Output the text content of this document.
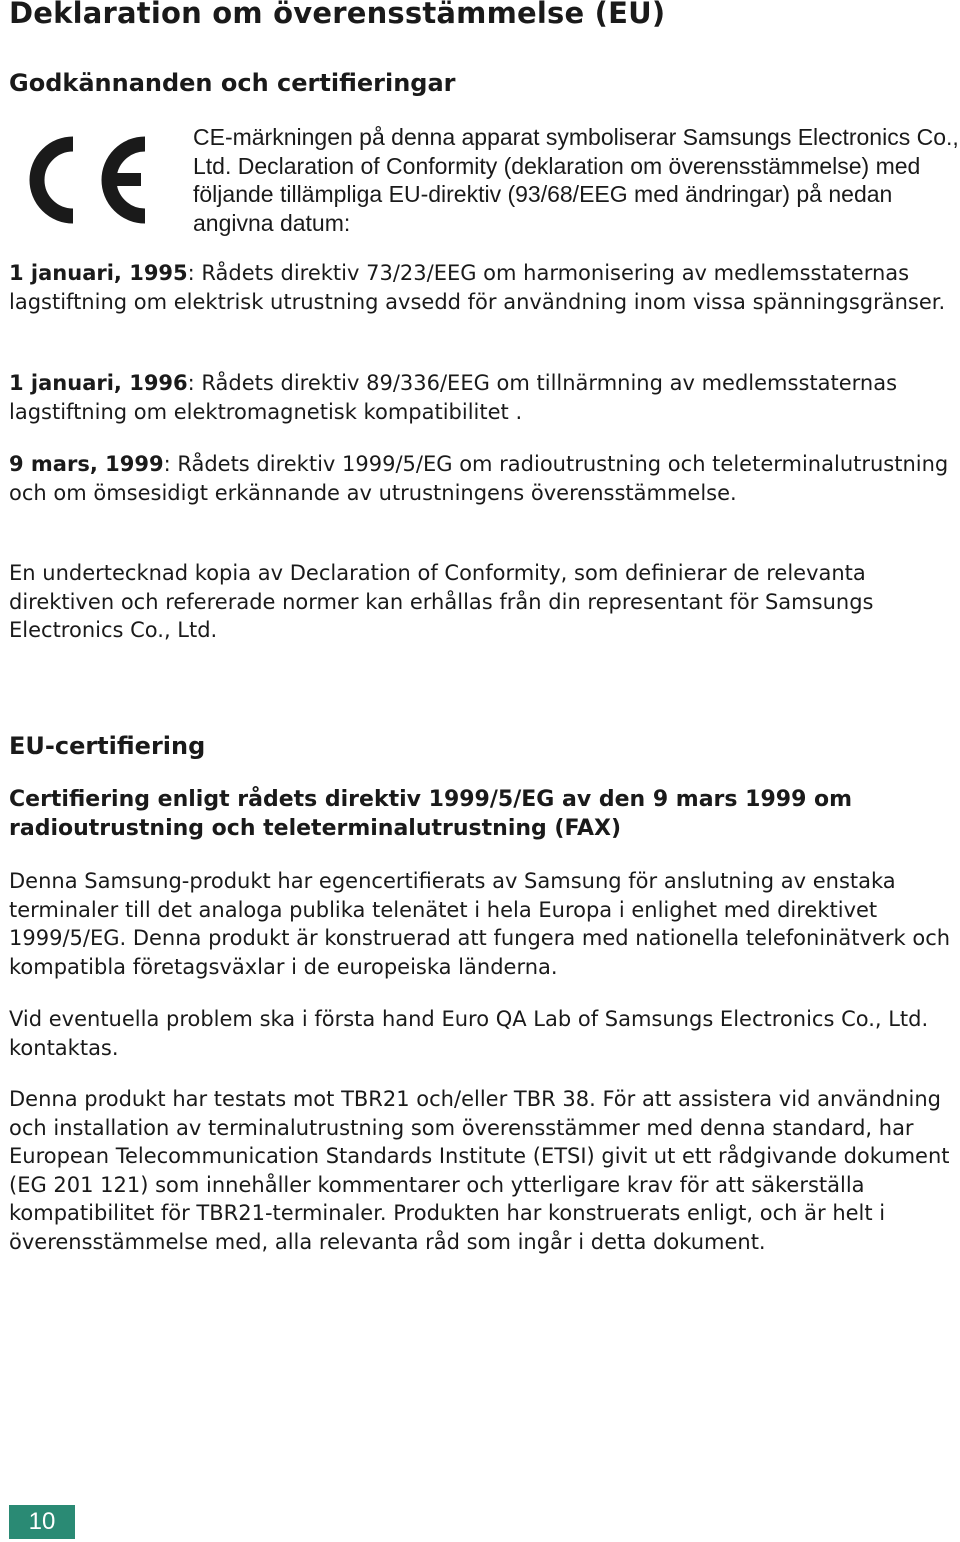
Deklaration om överensstämmelse (EU)
Godkännanden och certifieringar

CE-märkningen på denna apparat symboliserar Samsungs Electronics Co., Ltd. Declaration of Conformity (deklaration om överensstämmelse) med följande tillämpliga EU-direktiv (93/68/EEG med ändringar) på nedan angivna datum:

1 januari, 1995: Rådets direktiv 73/23/EEG om harmonisering av medlemsstaternas lagstiftning om elektrisk utrustning avsedd för användning inom vissa spänningsgränser.

1 januari, 1996: Rådets direktiv 89/336/EEG om tillnärmning av medlemsstaternas lagstiftning om elektromagnetisk kompatibilitet .

9 mars, 1999: Rådets direktiv 1999/5/EG om radioutrustning och teleterminalutrustning och om ömsesidigt erkännande av utrustningens överensstämmelse.

En undertecknad kopia av Declaration of Conformity, som definierar de relevanta direktiven och refererade normer kan erhållas från din representant för Samsungs Electronics Co., Ltd.

EU-certifiering

Certifiering enligt rådets direktiv 1999/5/EG av den 9 mars 1999 om radioutrustning och teleterminalutrustning (FAX)

Denna Samsung-produkt har egencertifierats av Samsung för anslutning av enstaka terminaler till det analoga publika telenätet i hela Europa i enlighet med direktivet 1999/5/EG. Denna produkt är konstruerad att fungera med nationella telefoninätverk och kompatibla företagsväxlar i de europeiska länderna.

Vid eventuella problem ska i första hand Euro QA Lab of Samsungs Electronics Co., Ltd. kontaktas.

Denna produkt har testats mot TBR21 och/eller TBR 38. För att assistera vid användning och installation av terminalutrustning som överensstämmer med denna standard, har European Telecommunication Standards Institute (ETSI) givit ut ett rådgivande dokument (EG 201 121) som innehåller kommentarer och ytterligare krav för att säkerställa kompatibilitet för TBR21-terminaler. Produkten har konstruerats enligt, och är helt i överensstämmelse med, alla relevanta råd som ingår i detta dokument.

10
